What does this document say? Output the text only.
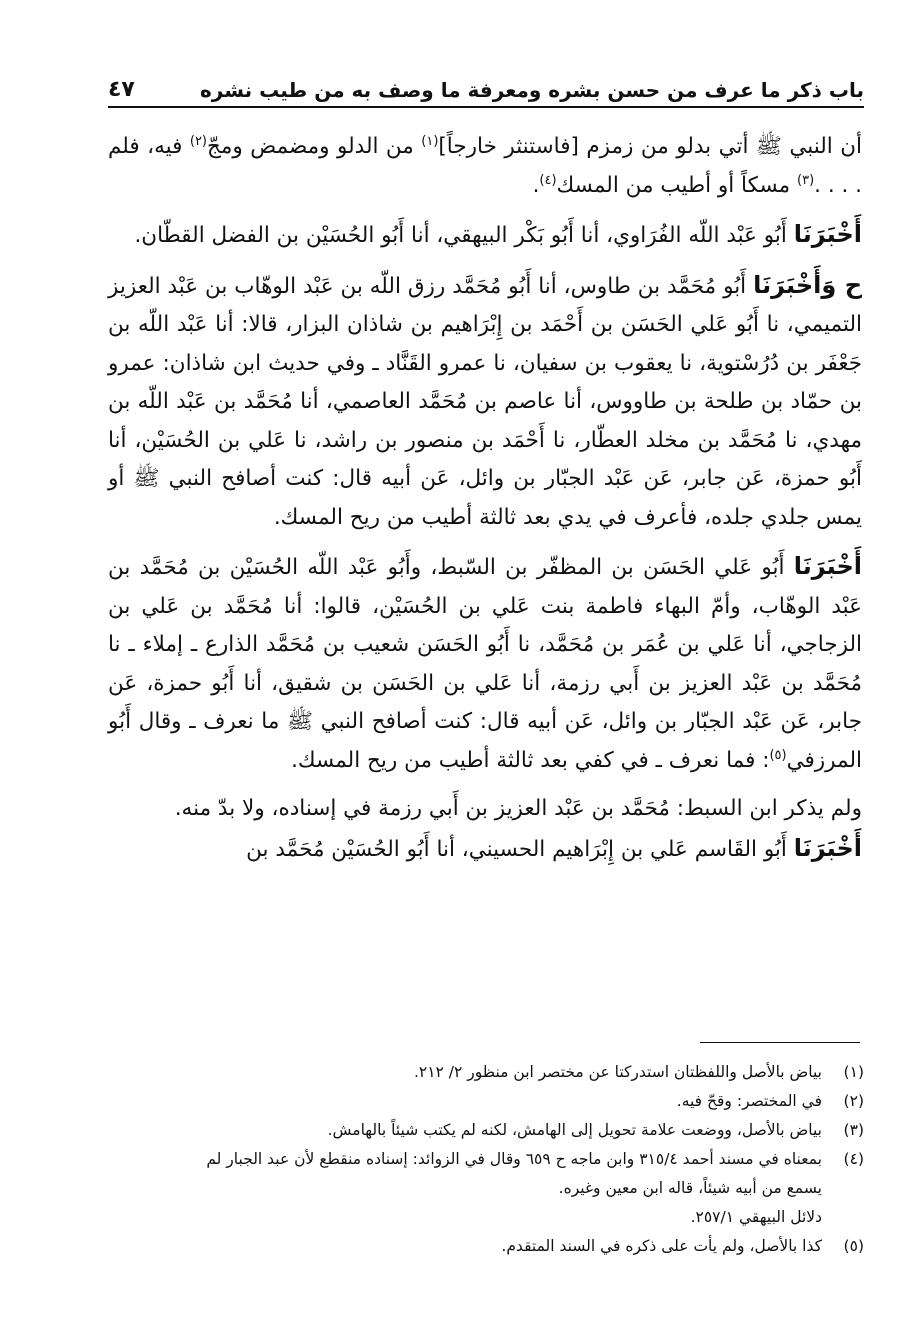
باب ذكر ما عرف من حسن بشره ومعرفة ما وصف به من طيب نشره
٤٧

أن النبي ﷺ أتي بدلو من زمزم [فاستنثر خارجاً]$^{(١)}$ من الدلو ومضمض ومجّ$^{(٢)}$ فيه، فلم . . . .$^{(٣)}$ مسكاً أو أطيب من المسك$^{(٤)}$.

أَخْبَرَنَا أَبُو عَبْد اللّه الفُرَاوي، أنا أَبُو بَكْر البيهقي، أنا أَبُو الحُسَيْن بن الفضل القطّان.

ح وَأَخْبَرَنَا أَبُو مُحَمَّد بن طاوس، أنا أَبُو مُحَمَّد رزق اللّه بن عَبْد الوهّاب بن عَبْد العزيز التميمي، نا أَبُو عَلي الحَسَن بن أَحْمَد بن إِبْرَاهيم بن شاذان البزار، قالا: أنا عَبْد اللّه بن جَعْفَر بن دُرُسْتوية، نا يعقوب بن سفيان، نا عمرو القَنَّاد ـ وفي حديث ابن شاذان: عمرو بن حمّاد بن طلحة بن طاووس، أنا عاصم بن مُحَمَّد العاصمي، أنا مُحَمَّد بن عَبْد اللّه بن مهدي، نا مُحَمَّد بن مخلد العطّار، نا أَحْمَد بن منصور بن راشد، نا عَلي بن الحُسَيْن، أنا أَبُو حمزة، عَن جابر، عَن عَبْد الجبّار بن وائل، عَن أبيه قال: كنت أصافح النبي ﷺ أو يمس جلدي جلده، فأعرف في يدي بعد ثالثة أطيب من ريح المسك.

أَخْبَرَنَا أَبُو عَلي الحَسَن بن المظفّر بن السّبط، وأَبُو عَبْد اللّه الحُسَيْن بن مُحَمَّد بن عَبْد الوهّاب، وأمّ البهاء فاطمة بنت عَلي بن الحُسَيْن، قالوا: أنا مُحَمَّد بن عَلي بن الزجاجي، أنا عَلي بن عُمَر بن مُحَمَّد، نا أَبُو الحَسَن شعيب بن مُحَمَّد الذارع ـ إملاء ـ نا مُحَمَّد بن عَبْد العزيز بن أَبي رزمة، أنا عَلي بن الحَسَن بن شقيق، أنا أَبُو حمزة، عَن جابر، عَن عَبْد الجبّار بن وائل، عَن أبيه قال: كنت أصافح النبي ﷺ ما نعرف ـ وقال أَبُو المرزفي$^{(٥)}$: فما نعرف ـ في كفي بعد ثالثة أطيب من ريح المسك.

ولم يذكر ابن السبط: مُحَمَّد بن عَبْد العزيز بن أَبي رزمة في إسناده، ولا بدّ منه.

أَخْبَرَنَا أَبُو القَاسم عَلي بن إِبْرَاهيم الحسيني، أنا أَبُو الحُسَيْن مُحَمَّد بن

(١)
بياض بالأصل واللفظتان استدركتا عن مختصر ابن منظور ٢/ ٢١٢.
(٢)
في المختصر: وقحّ فيه.
(٣)
بياض بالأصل، ووضعت علامة تحويل إلى الهامش، لكنه لم يكتب شيئاً بالهامش.
(٤)
بمعناه في مسند أحمد ٣١٥/٤ وابن ماجه ح ٦٥٩ وقال في الزوائد: إسناده منقطع لأن عبد الجبار لم
يسمع من أبيه شيئاً، قاله ابن معين وغيره.
دلائل البيهقي ٢٥٧/١.
(٥)
كذا بالأصل، ولم يأت على ذكره في السند المتقدم.
